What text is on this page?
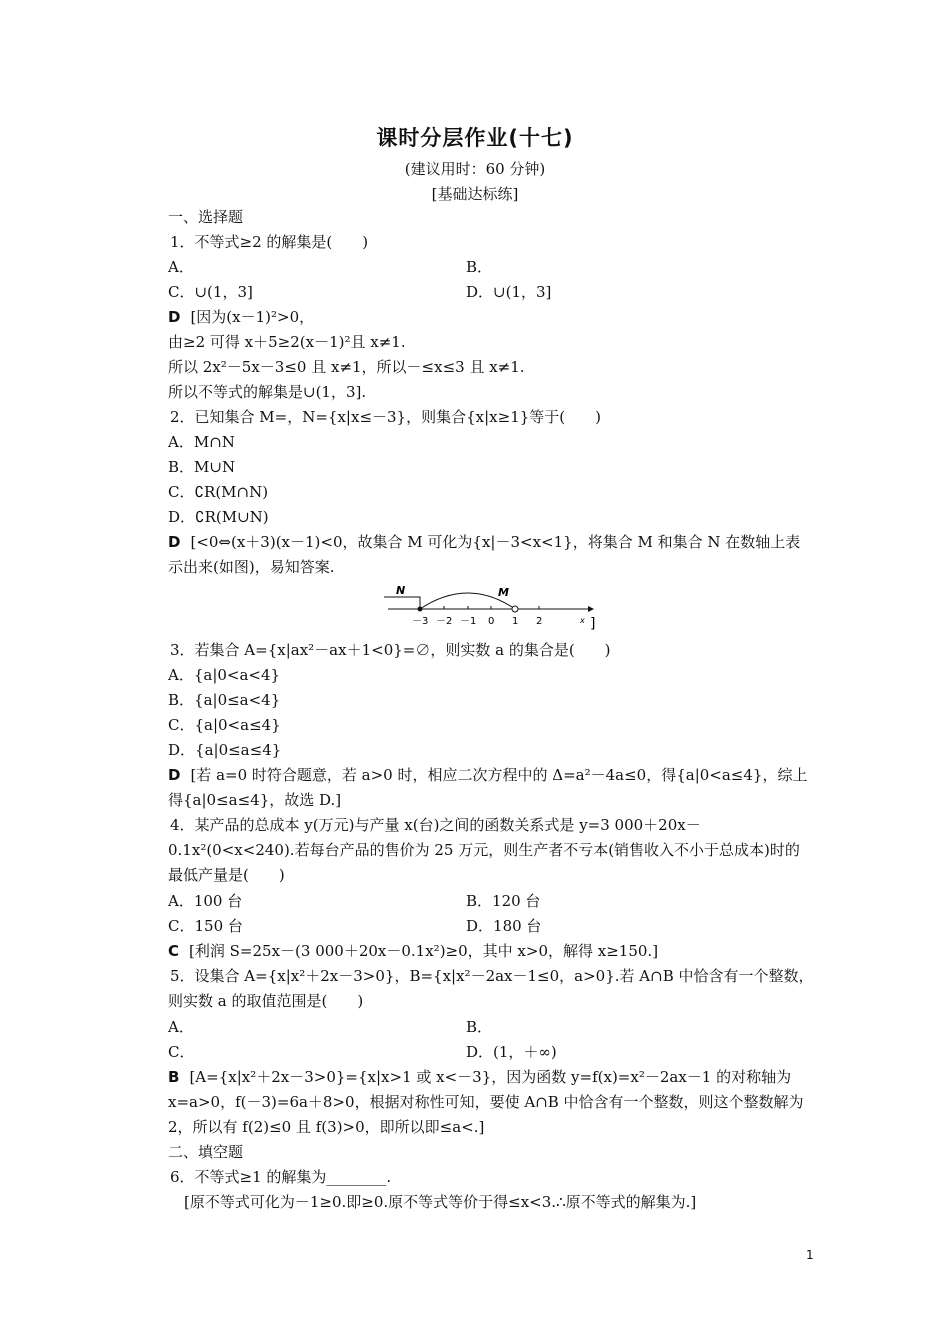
课时分层作业(十七)
(建议用时：60 分钟)
[基础达标练]
一、选择题
1．不等式≥2 的解集是(　　)
A．	B．
C．∪(1，3]	D．∪(1，3]
D [因为(x－1)²>0，
由≥2 可得 x＋5≥2(x－1)²且 x≠1.
所以 2x²－5x－3≤0 且 x≠1，所以－≤x≤3 且 x≠1.
所以不等式的解集是∪(1，3].
2．已知集合 M=，N={x|x≤－3}，则集合{x|x≥1}等于(　　)
A．M∩N
B．M∪N
C．∁R(M∩N)
D．∁R(M∪N)
D [<0⇔(x＋3)(x－1)<0，故集合 M 可化为{x|－3<x<1}，将集合 M 和集合 N 在数轴上表示出来(如图)，易知答案.
N	M
x
－3 －2 －1 0 1 2	]
3．若集合 A={x|ax²－ax＋1<0}=∅，则实数 a 的集合是(　　)
A．{a|0<a<4}
B．{a|0≤a<4}
C．{a|0<a≤4}
D．{a|0≤a≤4}
D [若 a=0 时符合题意，若 a>0 时，相应二次方程中的 Δ=a²－4a≤0，得{a|0<a≤4}，综上得{a|0≤a≤4}，故选 D.]
4．某产品的总成本 y(万元)与产量 x(台)之间的函数关系式是 y=3 000＋20x－0.1x²(0<x<240).若每台产品的售价为 25 万元，则生产者不亏本(销售收入不小于总成本)时的最低产量是(　　)
A．100 台	B．120 台
C．150 台	D．180 台
C [利润 S=25x－(3 000＋20x－0.1x²)≥0，其中 x>0，解得 x≥150.]
5．设集合 A={x|x²＋2x－3>0}，B={x|x²－2ax－1≤0，a>0}.若 A∩B 中恰含有一个整数，则实数 a 的取值范围是(　　)
A．	B．
C．	D．(1，＋∞)
B [A={x|x²＋2x－3>0}={x|x>1 或 x<－3}，因为函数 y=f(x)=x²－2ax－1 的对称轴为 x=a>0，f(－3)=6a＋8>0，根据对称性可知，要使 A∩B 中恰含有一个整数，则这个整数解为 2，所以有 f(2)≤0 且 f(3)>0，即所以即≤a<.]
二、填空题
6．不等式≥1 的解集为________.
[原不等式可化为－1≥0.即≥0.原不等式等价于得≤x<3.∴原不等式的解集为.]
1
